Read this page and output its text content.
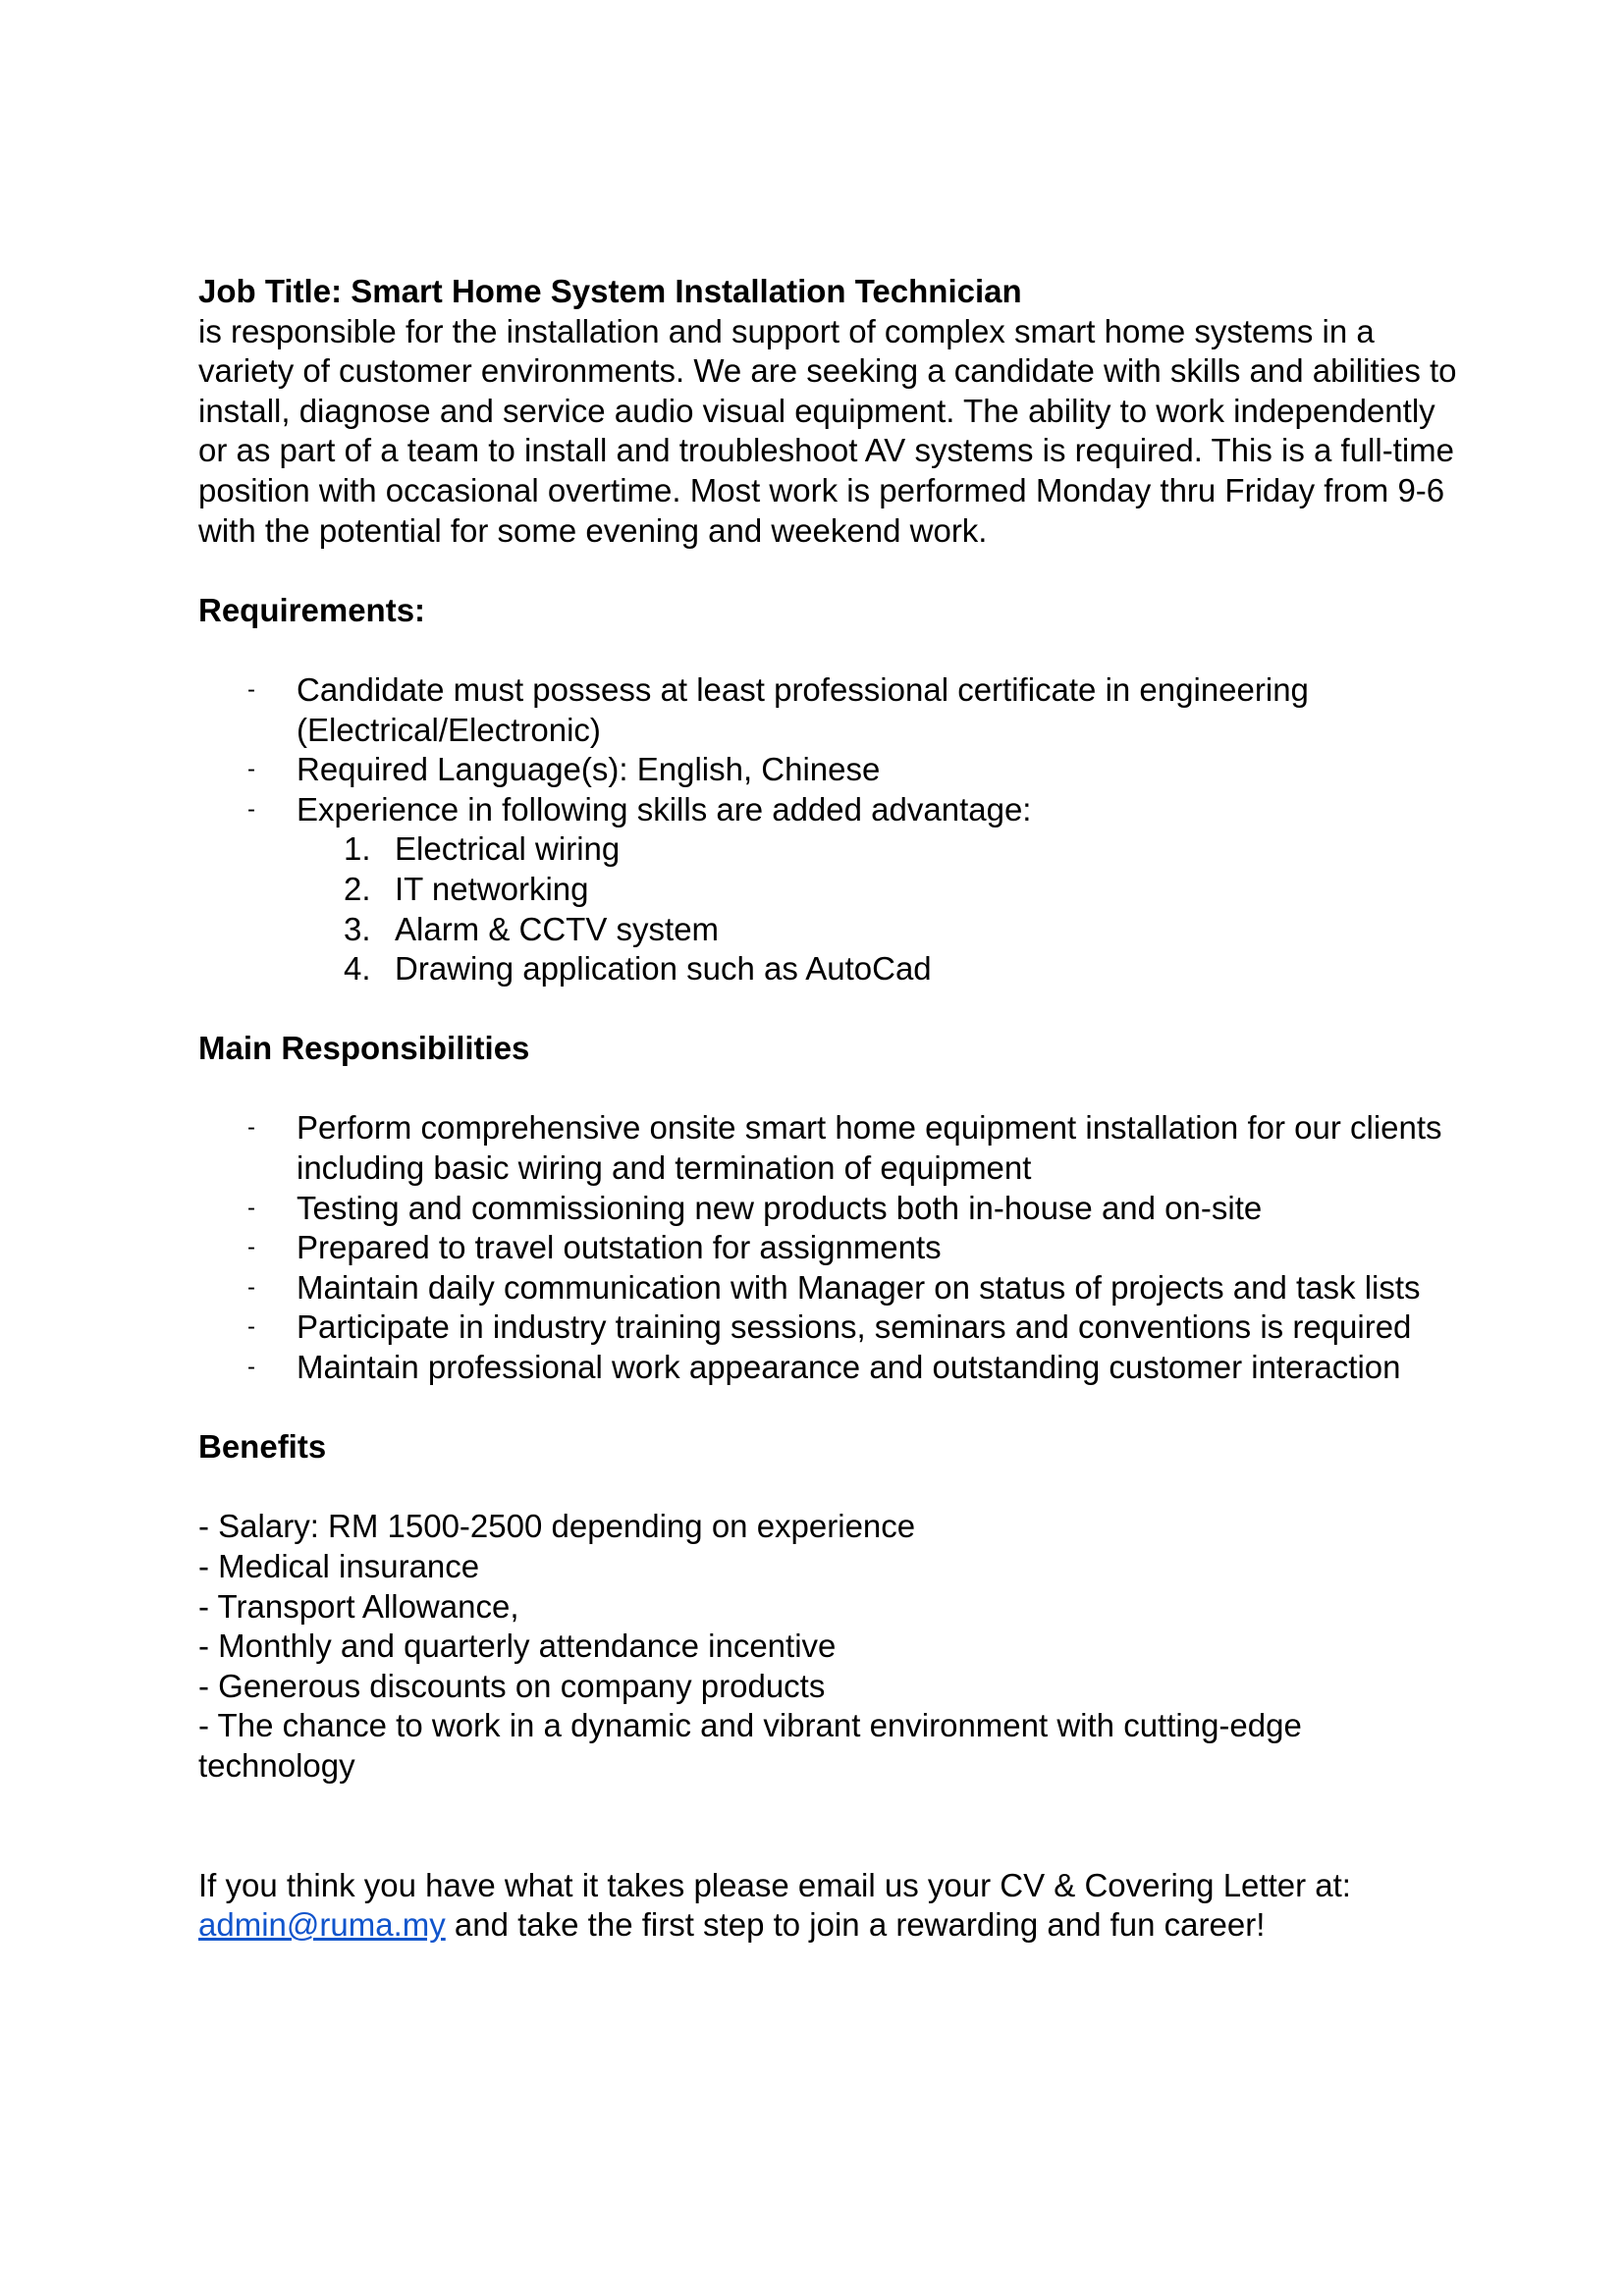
Job Title: Smart Home System Installation Technician

is responsible for the installation and support of complex smart home systems in a variety of customer environments. We are seeking a candidate with skills and abilities to install, diagnose and service audio visual equipment. The ability to work independently or as part of a team to install and troubleshoot AV systems is required. This is a full-time position with occasional overtime. Most work is performed Monday thru Friday from 9-6 with the potential for some evening and weekend work.

Requirements:

- Candidate must possess at least professional certificate in engineering (Electrical/Electronic)
- Required Language(s): English, Chinese
- Experience in following skills are added advantage:
1. Electrical wiring
2. IT networking
3. Alarm & CCTV system
4. Drawing application such as AutoCad

Main Responsibilities

- Perform comprehensive onsite smart home equipment installation for our clients including basic wiring and termination of equipment
- Testing and commissioning new products both in-house and on-site
- Prepared to travel outstation for assignments
- Maintain daily communication with Manager on status of projects and task lists
- Participate in industry training sessions, seminars and conventions is required
- Maintain professional work appearance and outstanding customer interaction

Benefits

- Salary: RM 1500-2500 depending on experience

- Medical insurance

- Transport Allowance,

- Monthly and quarterly attendance incentive

- Generous discounts on company products

- The chance to work in a dynamic and vibrant environment with cutting-edge technology

If you think you have what it takes please email us your CV & Covering Letter at:
admin@ruma.my and take the first step to join a rewarding and fun career!
